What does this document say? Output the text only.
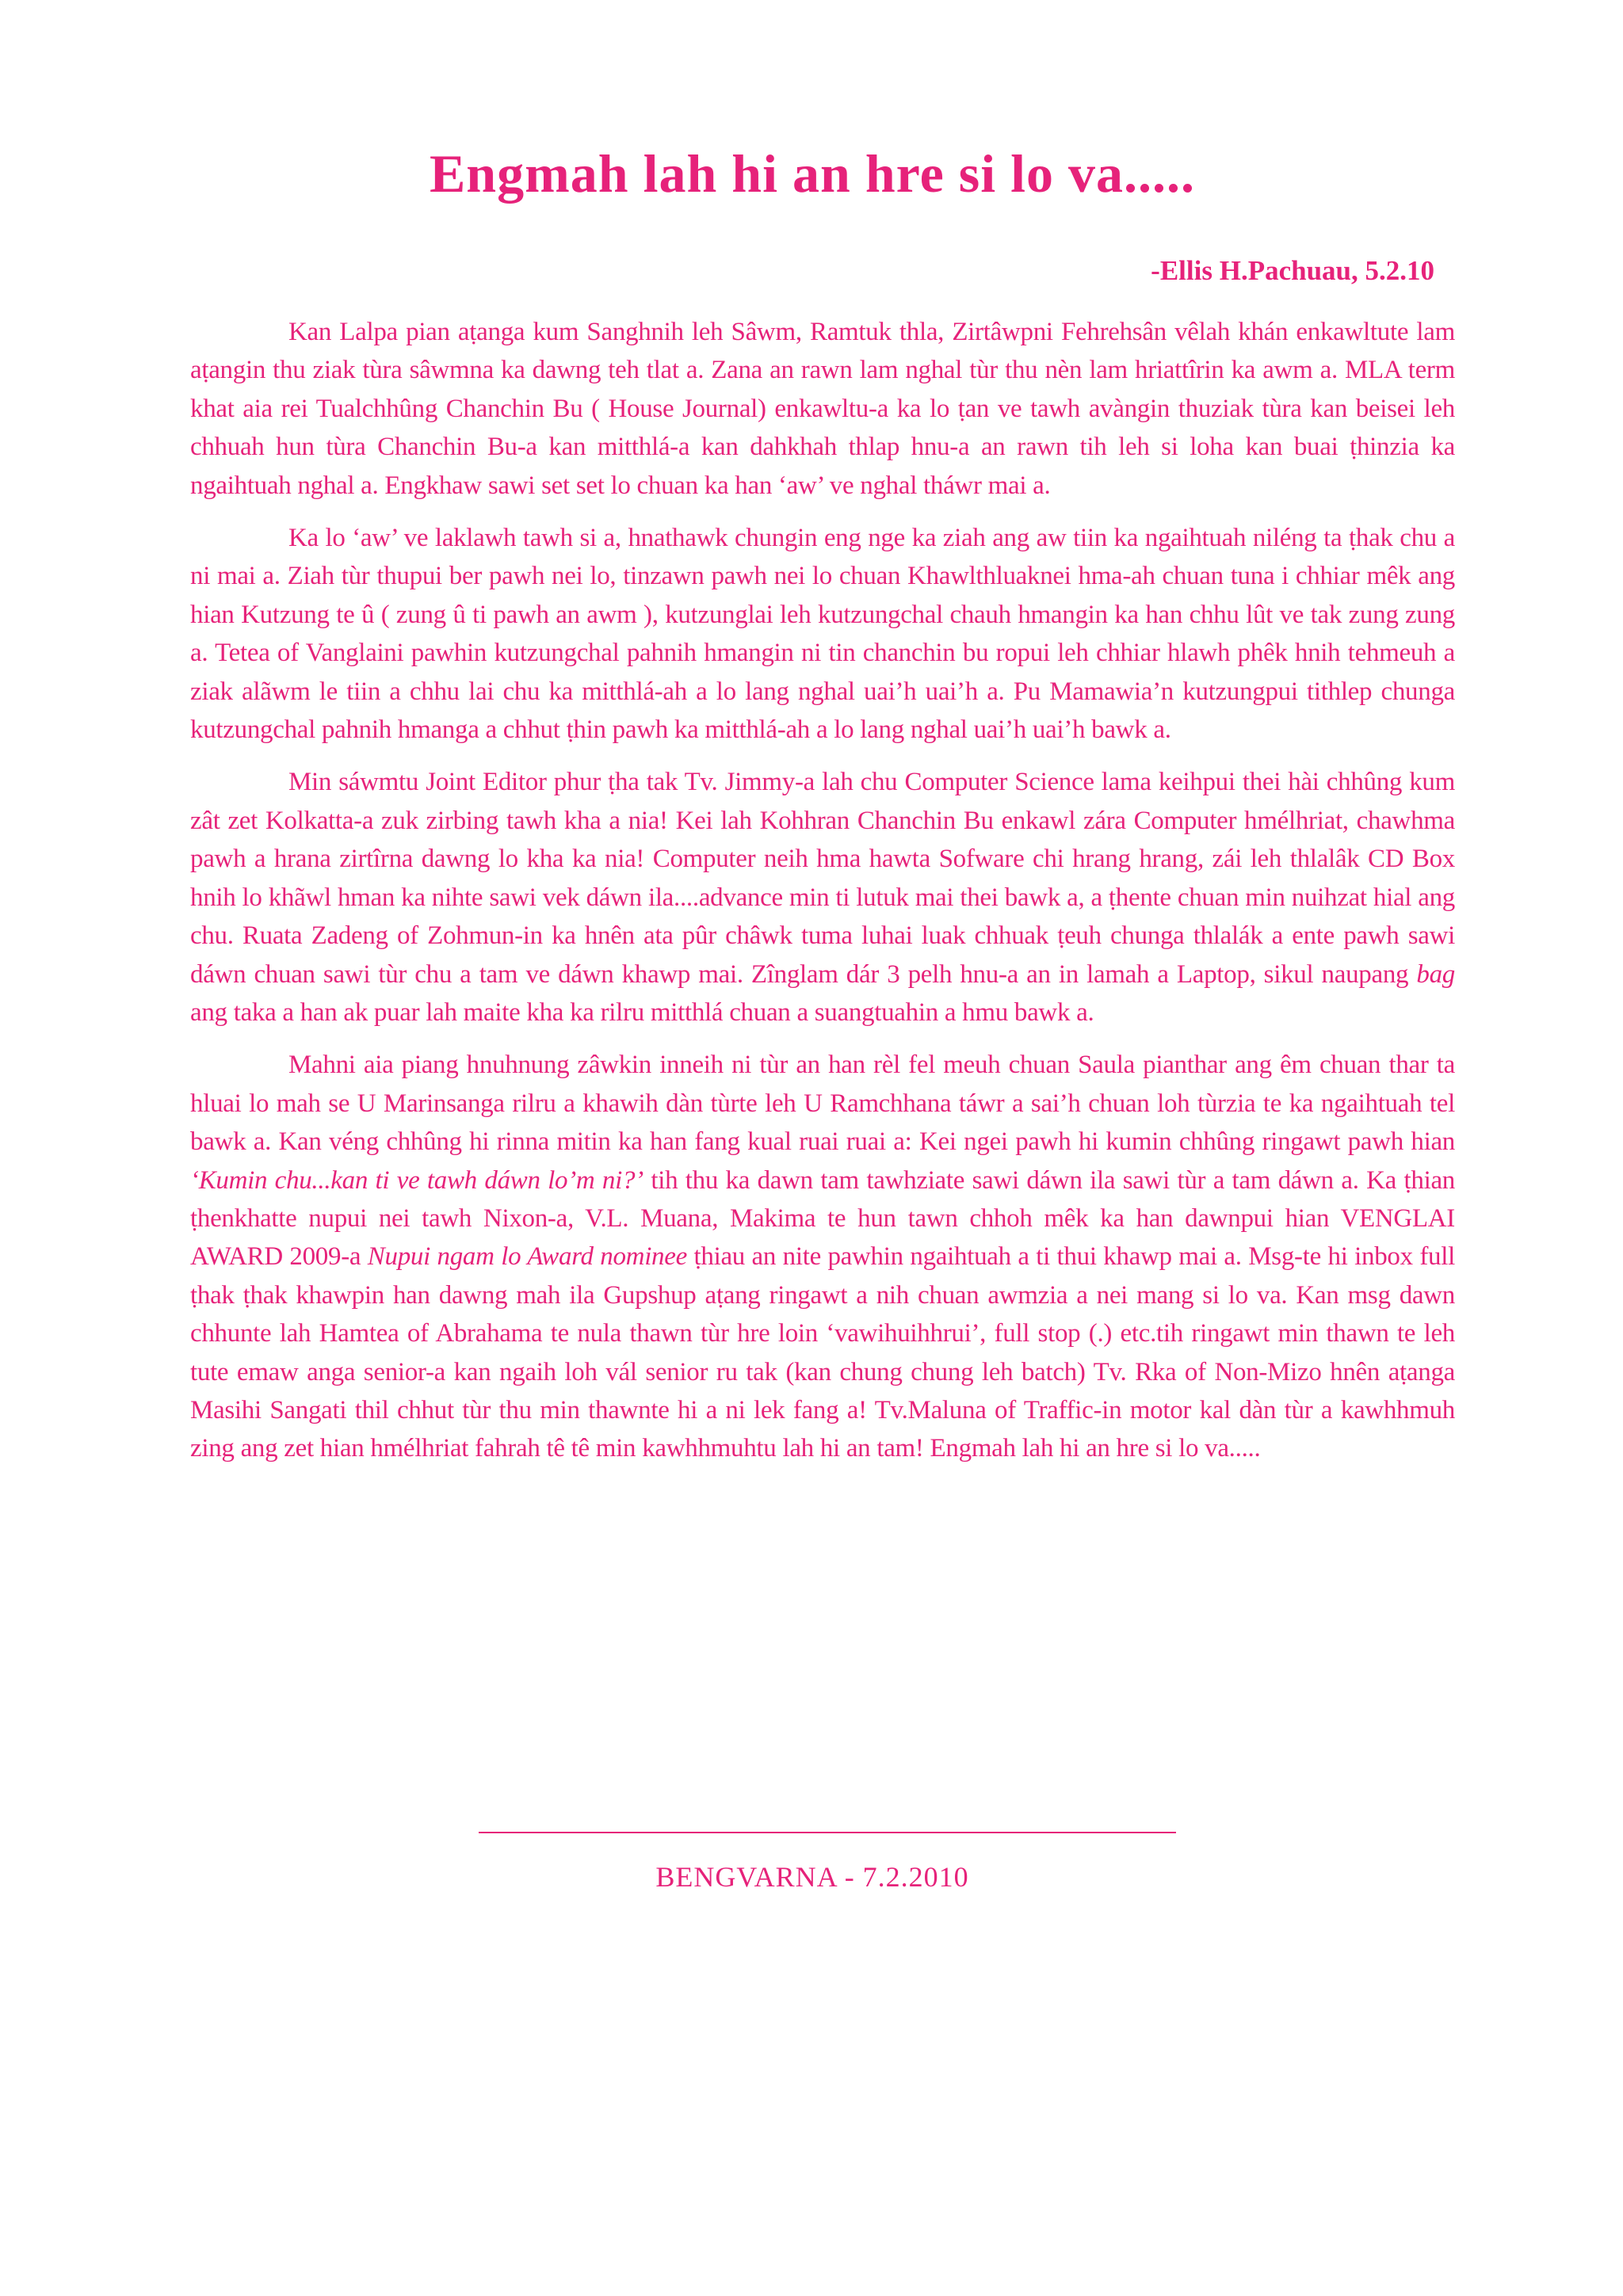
Engmah lah hi an hre si lo va.....
-Ellis H.Pachuau, 5.2.10

Kan Lalpa pian aṭanga kum Sanghnih leh Sâwm, Ramtuk thla, Zirtâwpni Fehrehsân vêlah khán enkawltute lam aṭangin thu ziak tùra sâwmna ka dawng teh tlat a. Zana an rawn lam nghal tùr thu nèn lam hriattîrin ka awm a. MLA term khat aia rei Tualchhûng Chanchin Bu ( House Journal) enkawltu-a ka lo ṭan ve tawh avàngin thuziak tùra kan beisei leh chhuah hun tùra Chanchin Bu-a kan mitthlá-a kan dahkhah thlap hnu-a an rawn tih leh si loha kan buai ṭhinzia ka ngaihtuah nghal a. Engkhaw sawi set set lo chuan ka han ‘aw’ ve nghal tháwr mai a.

Ka lo ‘aw’ ve laklawh tawh si a, hnathawk chungin eng nge ka ziah ang aw tiin ka ngaihtuah niléng ta ṭhak chu a ni mai a. Ziah tùr thupui ber pawh nei lo, tinzawn pawh nei lo chuan Khawlthluaknei hma-ah chuan tuna i chhiar mêk ang hian Kutzung te û ( zung û ti pawh an awm ), kutzunglai leh kutzungchal chauh hmangin ka han chhu lût ve tak zung zung a. Tetea of Vanglaini pawhin kutzungchal pahnih hmangin ni tin chanchin bu ropui leh chhiar hlawh phêk hnih tehmeuh a ziak alãwm le tiin a chhu lai chu ka mitthlá-ah a lo lang nghal uai’h uai’h a. Pu Mamawia’n kutzungpui tithlep chunga kutzungchal pahnih hmanga a chhut ṭhin pawh ka mitthlá-ah a lo lang nghal uai’h uai’h bawk a.

Min sáwmtu Joint Editor phur ṭha tak Tv. Jimmy-a lah chu Computer Science lama keihpui thei hài chhûng kum zât zet Kolkatta-a zuk zirbing tawh kha a nia! Kei lah Kohhran Chanchin Bu enkawl zára Computer hmélhriat, chawhma pawh a hrana zirtîrna dawng lo kha ka nia! Computer neih hma hawta Sofware chi hrang hrang, zái leh thlalâk CD Box hnih lo khãwl hman ka nihte sawi vek dáwn ila....advance min ti lutuk mai thei bawk a, a ṭhente chuan min nuihzat hial ang chu. Ruata Zadeng of Zohmun-in ka hnên ata pûr châwk tuma luhai luak chhuak ṭeuh chunga thlalák a ente pawh sawi dáwn chuan sawi tùr chu a tam ve dáwn khawp mai. Zînglam dár 3 pelh hnu-a an in lamah a Laptop, sikul naupang bag ang taka a han ak puar lah maite kha ka rilru mitthlá chuan a suangtuahin a hmu bawk a.

Mahni aia piang hnuhnung zâwkin inneih ni tùr an han rèl fel meuh chuan Saula pianthar ang êm chuan thar ta hluai lo mah se U Marinsanga rilru a khawih dàn tùrte leh U Ramchhana táwr a sai’h chuan loh tùrzia te ka ngaihtuah tel bawk a. Kan véng chhûng hi rinna mitin ka han fang kual ruai ruai a: Kei ngei pawh hi kumin chhûng ringawt pawh hian ‘Kumin chu...kan ti ve tawh dáwn lo’m ni?’ tih thu ka dawn tam tawhziate sawi dáwn ila sawi tùr a tam dáwn a. Ka ṭhian ṭhenkhatte nupui nei tawh Nixon-a, V.L. Muana, Makima te hun tawn chhoh mêk ka han dawnpui hian VENGLAI AWARD 2009-a Nupui ngam lo Award nominee ṭhiau an nite pawhin ngaihtuah a ti thui khawp mai a. Msg-te hi inbox full ṭhak ṭhak khawpin han dawng mah ila Gupshup aṭang ringawt a nih chuan awmzia a nei mang si lo va. Kan msg dawn chhunte lah Hamtea of Abrahama te nula thawn tùr hre loin ‘vawihuihhrui’, full stop (.) etc.tih ringawt min thawn te leh tute emaw anga senior-a kan ngaih loh vál senior ru tak (kan chung chung leh batch) Tv. Rka of Non-Mizo hnên aṭanga Masihi Sangati thil chhut tùr thu min thawnte hi a ni lek fang a! Tv.Maluna of Traffic-in motor kal dàn tùr a kawhhmuh zing ang zet hian hmélhriat fahrah tê tê min kawhhmuhtu lah hi an tam! Engmah lah hi an hre si lo va.....

BENGVARNA - 7.2.2010
